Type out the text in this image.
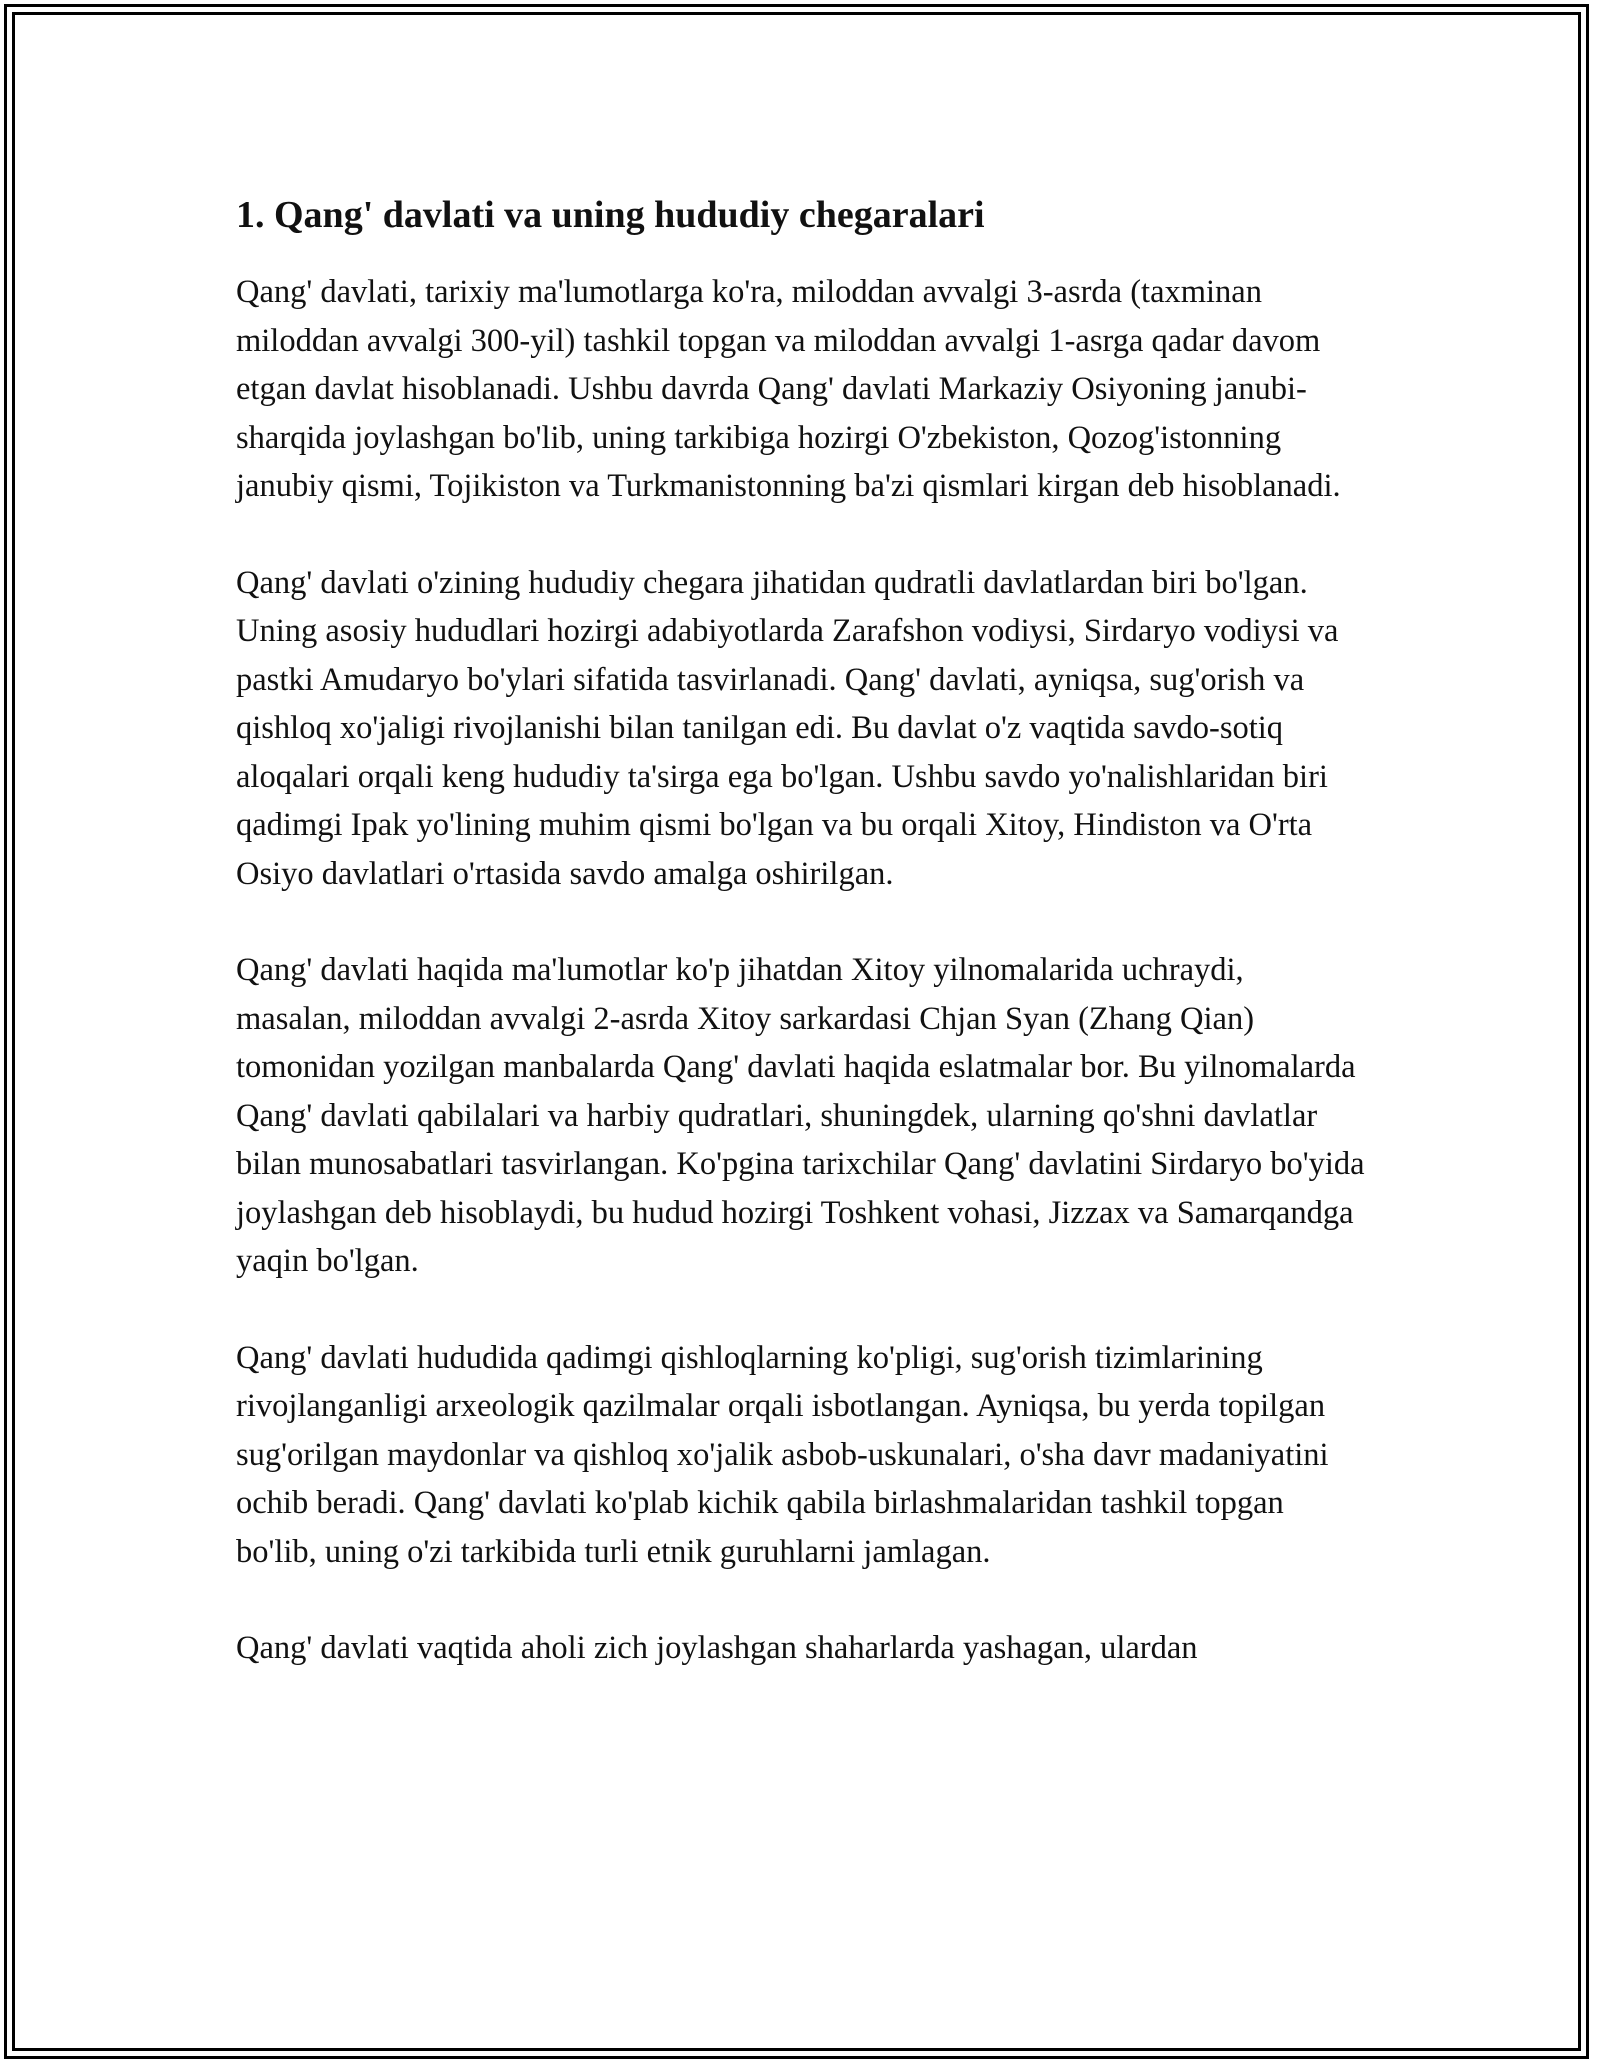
1. Qang' davlati va uning hududiy chegaralari

Qang' davlati, tarixiy ma'lumotlarga ko'ra, miloddan avvalgi 3-asrda (taxminan miloddan avvalgi 300-yil) tashkil topgan va miloddan avvalgi 1-asrga qadar davom etgan davlat hisoblanadi. Ushbu davrda Qang' davlati Markaziy Osiyoning janubi-sharqida joylashgan bo'lib, uning tarkibiga hozirgi O'zbekiston, Qozog'istonning janubiy qismi, Tojikiston va Turkmanistonning ba'zi qismlari kirgan deb hisoblanadi.

Qang' davlati o'zining hududiy chegara jihatidan qudratli davlatlardan biri bo'lgan. Uning asosiy hududlari hozirgi adabiyotlarda Zarafshon vodiysi, Sirdaryo vodiysi va pastki Amudaryo bo'ylari sifatida tasvirlanadi. Qang' davlati, ayniqsa, sug'orish va qishloq xo'jaligi rivojlanishi bilan tanilgan edi. Bu davlat o'z vaqtida savdo-sotiq aloqalari orqali keng hududiy ta'sirga ega bo'lgan. Ushbu savdo yo'nalishlaridan biri qadimgi Ipak yo'lining muhim qismi bo'lgan va bu orqali Xitoy, Hindiston va O'rta Osiyo davlatlari o'rtasida savdo amalga oshirilgan.

Qang' davlati haqida ma'lumotlar ko'p jihatdan Xitoy yilnomalarida uchraydi, masalan, miloddan avvalgi 2-asrda Xitoy sarkardasi Chjan Syan (Zhang Qian) tomonidan yozilgan manbalarda Qang' davlati haqida eslatmalar bor. Bu yilnomalarda Qang' davlati qabilalari va harbiy qudratlari, shuningdek, ularning qo'shni davlatlar bilan munosabatlari tasvirlangan. Ko'pgina tarixchilar Qang' davlatini Sirdaryo bo'yida joylashgan deb hisoblaydi, bu hudud hozirgi Toshkent vohasi, Jizzax va Samarqandga yaqin bo'lgan.

Qang' davlati hududida qadimgi qishloqlarning ko'pligi, sug'orish tizimlarining rivojlanganligi arxeologik qazilmalar orqali isbotlangan. Ayniqsa, bu yerda topilgan sug'orilgan maydonlar va qishloq xo'jalik asbob-uskunalari, o'sha davr madaniyatini ochib beradi. Qang' davlati ko'plab kichik qabila birlashmalaridan tashkil topgan bo'lib, uning o'zi tarkibida turli etnik guruhlarni jamlagan.

Qang' davlati vaqtida aholi zich joylashgan shaharlarda yashagan, ulardan
